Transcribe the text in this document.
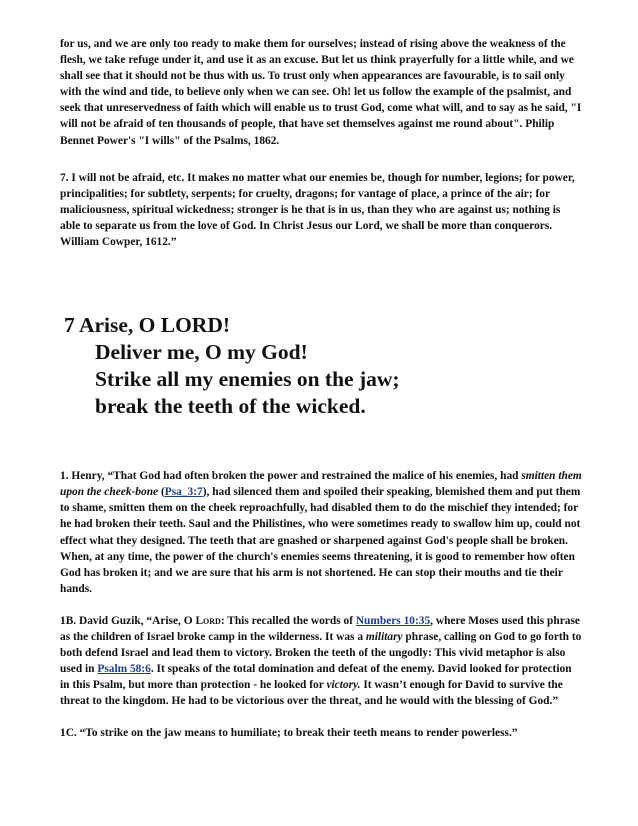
for us, and we are only too ready to make them for ourselves; instead of rising above the weakness of the flesh, we take refuge under it, and use it as an excuse. But let us think prayerfully for a little while, and we shall see that it should not be thus with us. To trust only when appearances are favourable, is to sail only with the wind and tide, to believe only when we can see. Oh! let us follow the example of the psalmist, and seek that unreservedness of faith which will enable us to trust God, come what will, and to say as he said, "I will not be afraid of ten thousands of people, that have set themselves against me round about". Philip Bennet Power's "I wills" of the Psalms, 1862.

7. I will not be afraid, etc. It makes no matter what our enemies be, though for number, legions; for power, principalities; for subtlety, serpents; for cruelty, dragons; for vantage of place, a prince of the air; for maliciousness, spiritual wickedness; stronger is he that is in us, than they who are against us; nothing is able to separate us from the love of God. In Christ Jesus our Lord, we shall be more than conquerors. William Cowper, 1612.”

7 Arise, O LORD!
Deliver me, O my God!
Strike all my enemies on the jaw;
break the teeth of the wicked.

1. Henry, “That God had often broken the power and restrained the malice of his enemies, had smitten them upon the cheek-bone (Psa_3:7), had silenced them and spoiled their speaking, blemished them and put them to shame, smitten them on the cheek reproachfully, had disabled them to do the mischief they intended; for he had broken their teeth. Saul and the Philistines, who were sometimes ready to swallow him up, could not effect what they designed. The teeth that are gnashed or sharpened against God's people shall be broken. When, at any time, the power of the church's enemies seems threatening, it is good to remember how often God has broken it; and we are sure that his arm is not shortened. He can stop their mouths and tie their hands.

1B. David Guzik, “Arise, O Lord: This recalled the words of Numbers 10:35, where Moses used this phrase as the children of Israel broke camp in the wilderness. It was a military phrase, calling on God to go forth to both defend Israel and lead them to victory. Broken the teeth of the ungodly: This vivid metaphor is also used in Psalm 58:6. It speaks of the total domination and defeat of the enemy. David looked for protection in this Psalm, but more than protection - he looked for victory. It wasn’t enough for David to survive the threat to the kingdom. He had to be victorious over the threat, and he would with the blessing of God.”

1C. “To strike on the jaw means to humiliate; to break their teeth means to render powerless.”
